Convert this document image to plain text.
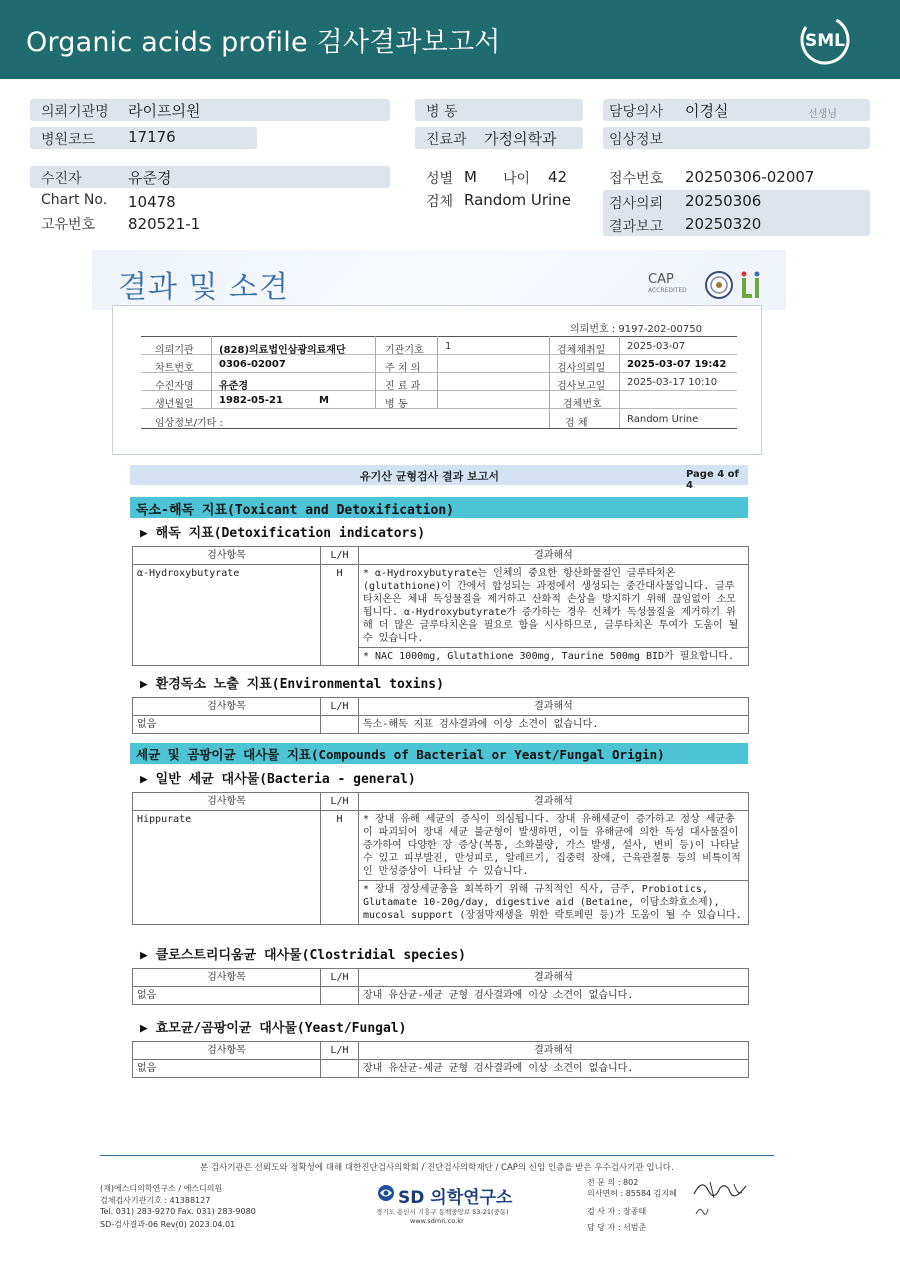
Organic acids profile 검사결과보고서	SML
의뢰기관명 라이프의원	병 동	담당의사 이경실	선생님
병원코드 17176	진료과 가정의학과	임상정보
수진자	유준경	성별 M 나이 42	접수번호 20250306-02007
Chart No. 10478	검체 Random Urine	검사의뢰 20250306
고유번호 820521-1	결과보고 20250320
결과 및 소견	CAP
ACCREDITED
의뢰번호 : 9197-202-00750
의뢰기관	(828)의료법인삼광의료재단	기관기호 1	검체채취일 2025-03-07
차트번호	0306-02007	주 치 의	검사의뢰일 2025-03-07 19:42
수진자명	유준경	진 료 과	검사보고일 2025-03-17 10:10
생년월일	1982-05-21	M	병 동	검체번호
임상정보/기타 :	검 체	Random Urine
유기산 균형검사 결과 보고서	Page 4 of 4
독소-해독 지표(Toxicant and Detoxification)
▶ 해독 지표(Detoxification indicators)
검사항목	L/H	결과해석
α-Hydroxybutyrate	H	* α-Hydroxybutyrate는 인체의 중요한 항산화물질인 글루타치온(glutathione)이 간에서 합성되는 과정에서 생성되는 중간대사물입니다. 글루타치온은 체내 독성물질을 제거하고 산화적 손상을 방지하기 위해 끊임없이 소모됩니다. α-Hydroxybutyrate가 증가하는 경우 신체가 독성물질을 제거하기 위해 더 많은 글루타치온을 필요로 함을 시사하므로, 글루타치온 투여가 도움이 될 수 있습니다.
		* NAC 1000mg, Glutathione 300mg, Taurine 500mg BID가 필요합니다.
▶ 환경독소 노출 지표(Environmental toxins)
검사항목	L/H	결과해석
없음		독소-해독 지표 검사결과에 이상 소견이 없습니다.
세균 및 곰팡이균 대사물 지표(Compounds of Bacterial or Yeast/Fungal Origin)
▶ 일반 세균 대사물(Bacteria - general)
검사항목	L/H	결과해석
Hippurate	H	* 장내 유해 세균의 증식이 의심됩니다. 장내 유해세균이 증가하고 정상 세균총이 파괴되어 장내 세균 불균형이 발생하면, 이들 유해균에 의한 독성 대사물질이 증가하여 다양한 장 증상(복통, 소화불량, 가스 발생, 설사, 변비 등)이 나타날 수 있고 피부발진, 만성피로, 알레르기, 집중력 장애, 근육관절통 등의 비특이적인 만성증상이 나타날 수 있습니다.
		* 장내 정상세균총을 회복하기 위해 규칙적인 식사, 금주, Probiotics, Glutamate 10-20g/day, digestive aid (Betaine, 이담소화효소제), mucosal support (장점막재생을 위한 락토페린 등)가 도움이 될 수 있습니다.
▶ 클로스트리디움균 대사물(Clostridial species)
검사항목	L/H	결과해석
없음		장내 유산균-세균 균형 검사결과에 이상 소견이 없습니다.
▶ 효모균/곰팡이균 대사물(Yeast/Fungal)
검사항목	L/H	결과해석
없음		장내 유산균-세균 균형 검사결과에 이상 소견이 없습니다.
본 검사기관은 신뢰도와 정확성에 대해 대한진단검사의학회 / 진단검사의학재단 / CAP의 신임 인증을 받은 우수검사기관 입니다.
(재)에스디의학연구소 / 에스디의원
검체검사기관기호 : 41388127
Tel. 031) 283-9270 Fax. 031) 283-9080
SD-검사결과-06 Rev(0) 2023.04.01
SD 의학연구소
경기도 용인시 기흥구 동백중앙로 53-21(중동)
www.sdmri.co.kr
전 문 의 : 802
의사면허 : 85584 김지혜
검 사 자 : 장종태
담 당 자 : 서범준
